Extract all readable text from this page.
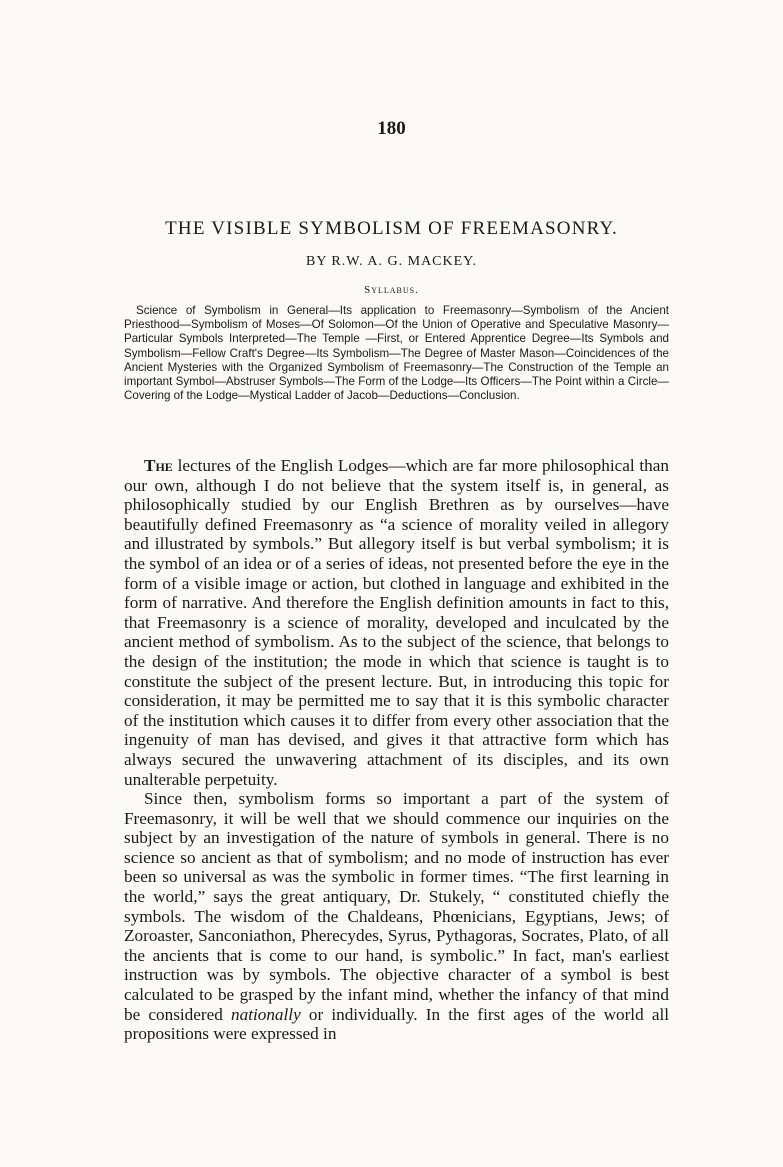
180
THE VISIBLE SYMBOLISM OF FREEMASONRY.
BY R.W. A. G. MACKEY.
Syllabus.
Science of Symbolism in General—Its application to Freemasonry—Symbolism of the Ancient Priesthood—Symbolism of Moses—Of Solomon—Of the Union of Operative and Speculative Masonry—Particular Symbols Interpreted—The Temple —First, or Entered Apprentice Degree—Its Symbols and Symbolism—Fellow Craft's Degree—Its Symbolism—The Degree of Master Mason—Coincidences of the Ancient Mysteries with the Organized Symbolism of Freemasonry—The Construction of the Temple an important Symbol—Abstruser Symbols—The Form of the Lodge—Its Officers—The Point within a Circle—Covering of the Lodge—Mystical Ladder of Jacob—Deductions—Conclusion.

The lectures of the English Lodges—which are far more philosophical than our own, although I do not believe that the system itself is, in general, as philosophically studied by our English Brethren as by ourselves—have beautifully defined Freemasonry as “a science of morality veiled in allegory and illustrated by symbols.” But allegory itself is but verbal symbolism; it is the symbol of an idea or of a series of ideas, not presented before the eye in the form of a visible image or action, but clothed in language and exhibited in the form of narrative. And therefore the English definition amounts in fact to this, that Freemasonry is a science of morality, developed and inculcated by the ancient method of symbolism. As to the subject of the science, that belongs to the design of the institution; the mode in which that science is taught is to constitute the subject of the present lecture. But, in introducing this topic for consideration, it may be permitted me to say that it is this symbolic character of the institution which causes it to differ from every other association that the ingenuity of man has devised, and gives it that attractive form which has always secured the unwavering attachment of its disciples, and its own unalterable perpetuity.

Since then, symbolism forms so important a part of the system of Freemasonry, it will be well that we should commence our inquiries on the subject by an investigation of the nature of symbols in general. There is no science so ancient as that of symbolism; and no mode of instruction has ever been so universal as was the symbolic in former times. “The first learning in the world,” says the great antiquary, Dr. Stukely, “ constituted chiefly the symbols. The wisdom of the Chaldeans, Phœnicians, Egyptians, Jews; of Zoroaster, Sanconiathon, Pherecydes, Syrus, Pythagoras, Socrates, Plato, of all the ancients that is come to our hand, is symbolic.” In fact, man's earliest instruction was by symbols. The objective character of a symbol is best calculated to be grasped by the infant mind, whether the infancy of that mind be considered nationally or individually. In the first ages of the world all propositions were expressed in
